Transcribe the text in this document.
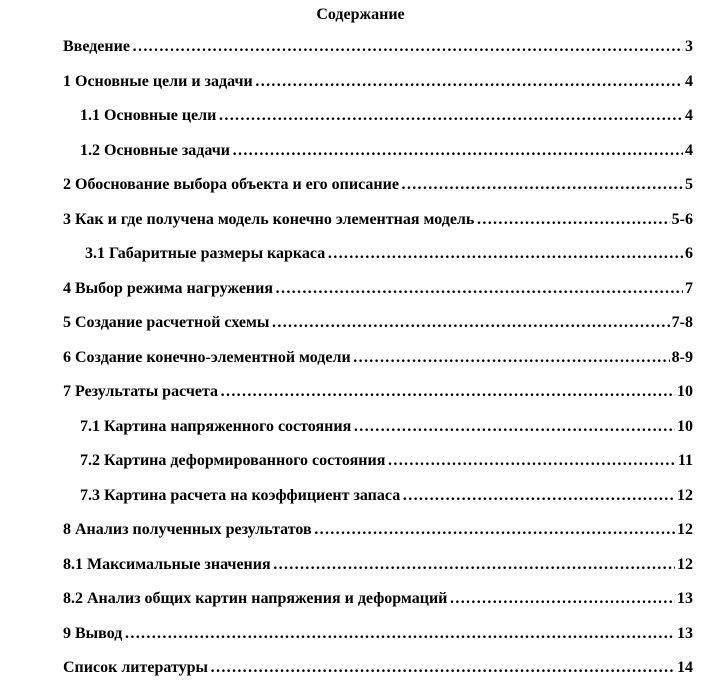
Содержание
Введение ……………………………………………………………………………………………………………………………………	3
1 Основные цели и задачи ……………………………………………………………………………………………………………………………………	4
1.1 Основные цели ……………………………………………………………………………………………………………………………………	4
1.2 Основные задачи ……………………………………………………………………………………………………………………………………	4
2 Обоснование выбора объекта и его описание ……………………………………………………………………………………………………………………………………	5
3 Как и где получена модель конечно элементная модель ……………………………………………………………………………………………………………………………………	5-6
3.1 Габаритные размеры каркаса ……………………………………………………………………………………………………………………………………	6
4 Выбор режима нагружения ……………………………………………………………………………………………………………………………………	7
5 Создание расчетной схемы ……………………………………………………………………………………………………………………………………	7-8
6 Создание конечно-элементной модели ……………………………………………………………………………………………………………………………………	8-9
7 Результаты расчета ……………………………………………………………………………………………………………………………………	10
7.1 Картина напряженного состояния ……………………………………………………………………………………………………………………………………	10
7.2 Картина деформированного состояния ……………………………………………………………………………………………………………………………………	11
7.3 Картина расчета на коэффициент запаса ……………………………………………………………………………………………………………………………………	12
8 Анализ полученных результатов ……………………………………………………………………………………………………………………………………	12
8.1 Максимальные значения ……………………………………………………………………………………………………………………………………	12
8.2 Анализ общих картин напряжения и деформаций ……………………………………………………………………………………………………………………………………	13
9 Вывод ……………………………………………………………………………………………………………………………………	13
Список литературы ……………………………………………………………………………………………………………………………………	14
